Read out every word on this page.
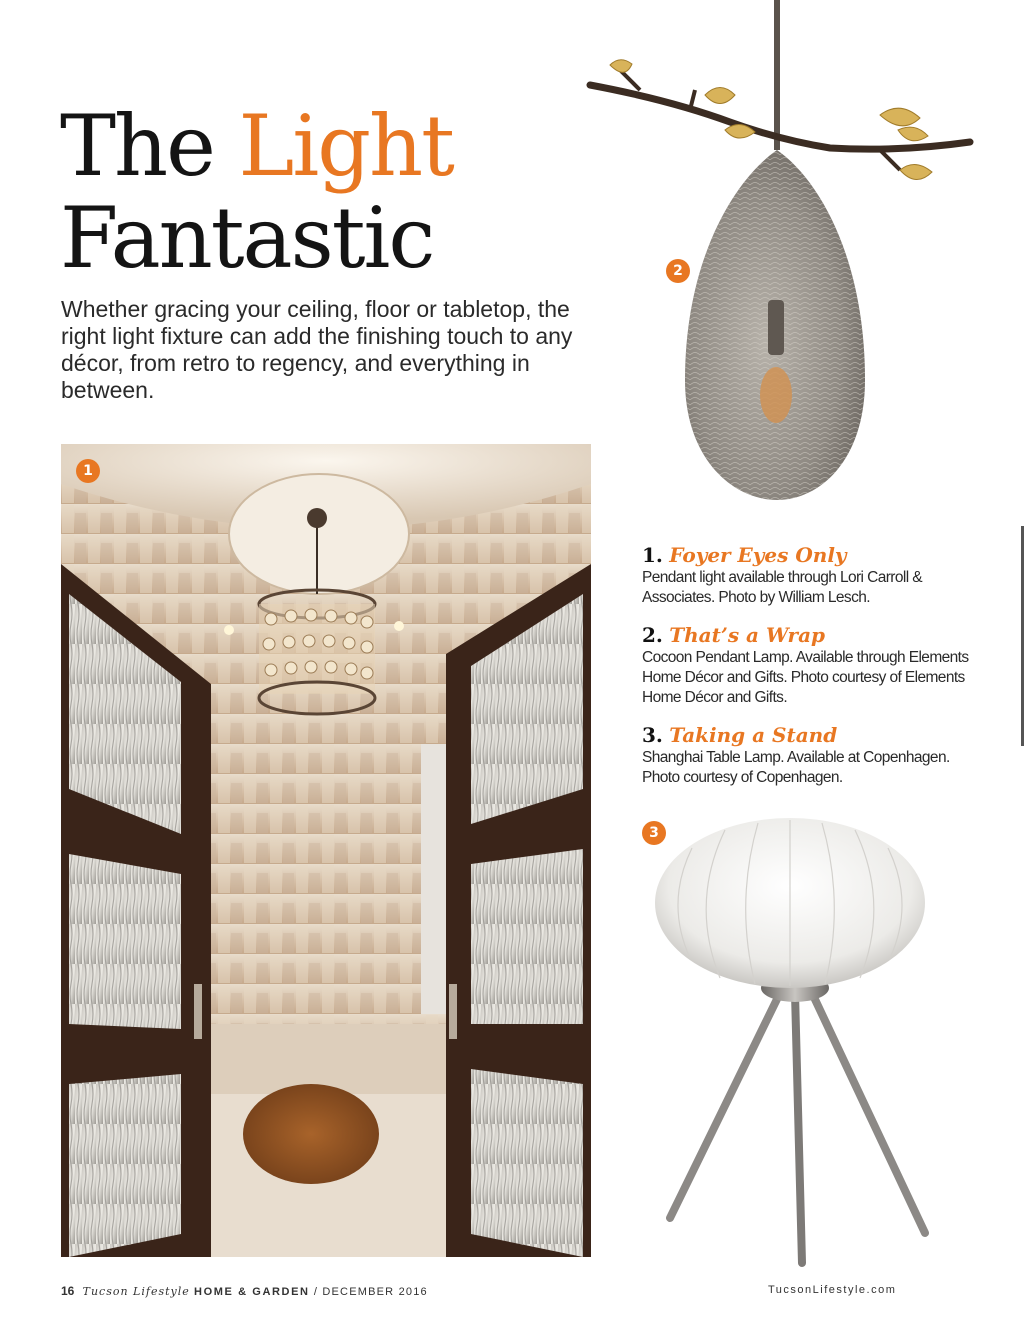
The Light
Fantastic

Whether gracing your ceiling, floor or tabletop, the right light fixture can add the finishing touch to any décor, from retro to regency, and everything in between.

1
2
1. Foyer Eyes Only
Pendant light available through Lori Carroll & Associates. Photo by William Lesch.
2. That’s a Wrap
Cocoon Pendant Lamp. Available through Elements Home Décor and Gifts. Photo courtesy of Elements Home Décor and Gifts.
3. Taking a Stand
Shanghai Table Lamp. Available at Copenhagen. Photo courtesy of Copenhagen.
3
16 Tucson Lifestyle HOME & GARDEN / DECEMBER 2016	TucsonLifestyle.com
